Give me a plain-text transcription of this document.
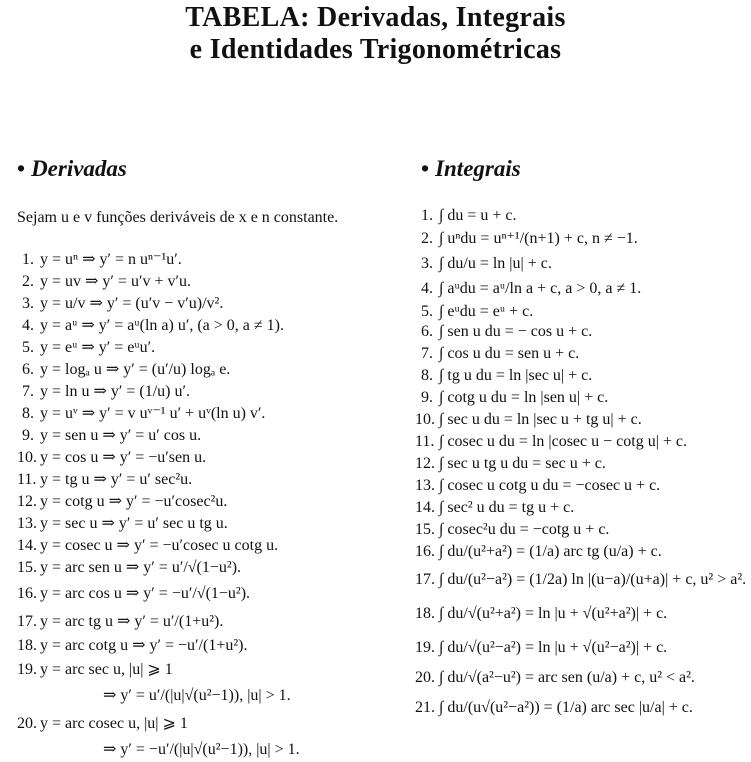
TABELA: Derivadas, Integrais
e Identidades Trigonométricas
• Derivadas	• Integrais
Sejam u e v funções deriváveis de x e n constante.
1. y = uⁿ ⇒ y′ = n uⁿ⁻¹u′.
2. y = uv ⇒ y′ = u′v + v′u.
3. y = u/v ⇒ y′ = (u′v − v′u)/v².
4. y = aᵘ ⇒ y′ = aᵘ(ln a) u′, (a > 0, a ≠ 1).
5. y = eᵘ ⇒ y′ = eᵘu′.
6. y = logₐ u ⇒ y′ = (u′/u) logₐ e.
7. y = ln u ⇒ y′ = (1/u) u′.
8. y = uᵛ ⇒ y′ = v uᵛ⁻¹ u′ + uᵛ(ln u) v′.
9. y = sen u ⇒ y′ = u′ cos u.
10. y = cos u ⇒ y′ = −u′sen u.
11. y = tg u ⇒ y′ = u′ sec²u.
12. y = cotg u ⇒ y′ = −u′cosec²u.
13. y = sec u ⇒ y′ = u′ sec u tg u.
14. y = cosec u ⇒ y′ = −u′cosec u cotg u.
15. y = arc sen u ⇒ y′ = u′/√(1−u²).
16. y = arc cos u ⇒ y′ = −u′/√(1−u²).
17. y = arc tg u ⇒ y′ = u′/(1+u²).
18. y = arc cotg u ⇒ y′ = −u′/(1+u²).
19. y = arc sec u, |u| ⩾ 1
20. y = arc cosec u, |u| ⩾ 1
⇒ y′ = u′/(|u|√(u²−1)), |u| > 1.
⇒ y′ = −u′/(|u|√(u²−1)), |u| > 1.
1. ∫ du = u + c.
2. ∫ uⁿdu = uⁿ⁺¹/(n+1) + c, n ≠ −1.
3. ∫ du/u = ln |u| + c.
4. ∫ aᵘdu = aᵘ/ln a + c, a > 0, a ≠ 1.
5. ∫ eᵘdu = eᵘ + c.
6. ∫ sen u du = − cos u + c.
7. ∫ cos u du = sen u + c.
8. ∫ tg u du = ln |sec u| + c.
9. ∫ cotg u du = ln |sen u| + c.
10. ∫ sec u du = ln |sec u + tg u| + c.
11. ∫ cosec u du = ln |cosec u − cotg u| + c.
12. ∫ sec u tg u du = sec u + c.
13. ∫ cosec u cotg u du = −cosec u + c.
14. ∫ sec² u du = tg u + c.
15. ∫ cosec²u du = −cotg u + c.
16. ∫ du/(u²+a²) = (1/a) arc tg (u/a) + c.
17. ∫ du/(u²−a²) = (1/2a) ln |(u−a)/(u+a)| + c, u² > a².
18. ∫ du/√(u²+a²) = ln |u + √(u²+a²)| + c.
19. ∫ du/√(u²−a²) = ln |u + √(u²−a²)| + c.
20. ∫ du/√(a²−u²) = arc sen (u/a) + c, u² < a².
21. ∫ du/(u√(u²−a²)) = (1/a) arc sec |u/a| + c.
